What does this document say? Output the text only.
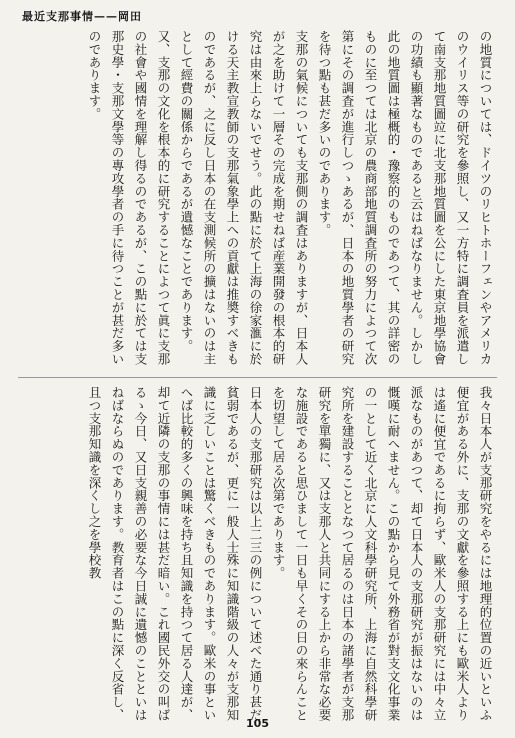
最近支那事情——岡田
の地質については、ドイツのリヒトホーフェンやアメリカのウイリス等の研究を參照し、又一方特に調査員を派遣して南支那地質圖竝に北支那地質圖を公にした東京地學協會の功績も顯著なものであると云はねばなりません。しかし此の地質圖は極概的・豫察的のものであつて、其の詳密のものに至つては北京の農商部地質調査所の努力によつて次第にその調査が進行しつゝあるが、日本の地質學者の研究を待つ點も甚だ多いのであります。
支那の氣候についても支那側の調査はありますが、日本人が之を助けて一層その完成を期せねば産業開發の根本的研究は由來上らないでせう。此の點に於て上海の徐家滙に於ける天主教宣教師の支那氣象學上への貢獻は推奬すべきものであるが、之に反し日本の在支測候所の擴はないのは主として經費の關係からであるが遺憾なことであります。
又、支那の文化を根本的に研究することによつて眞に支那の社會や國情を理解し得るのであるが、この點に於ては支那史學・支那文學等の專攻學者の手に待つことが甚だ多いのであります。
我々日本人が支那研究をやるには地理的位置の近いといふ便宜がある外に、支那の文獻を參照する上にも歐米人よりは遙に便宜であるに拘らず、歐米人の支那研究には中々立派なものがあつて、却て日本人の支那研究が振はないのは慨嘆に耐へません。この點から見て外務省が對支文化事業の一として近く北京に人文科學研究所、上海に自然科學研究所を建設することとなつて居るのは日本の諸學者が支那研究を單獨に、又は支那人と共同にする上から非常な必要な施設であると思ひまして一日も早くその日の來らんことを切望して居る次第であります。
日本人の支那研究は以上二三の例について述べた通り甚だ貧弱であるが、更に一般人士殊に知識階級の人々が支那知識に乏しいことは驚くべきものであります。歐米の事といへば比較的多くの興味を持ち且知識を持つて居る人達が、却て近隣の支那の事情には甚だ暗い。これ國民外交の叫ばるゝ今日、又日支親善の必要な今日誠に遺憾のことといはねばならぬのであります。教育者はこの點に深く反省し、且つ支那知識を深くし之を學校教
105
